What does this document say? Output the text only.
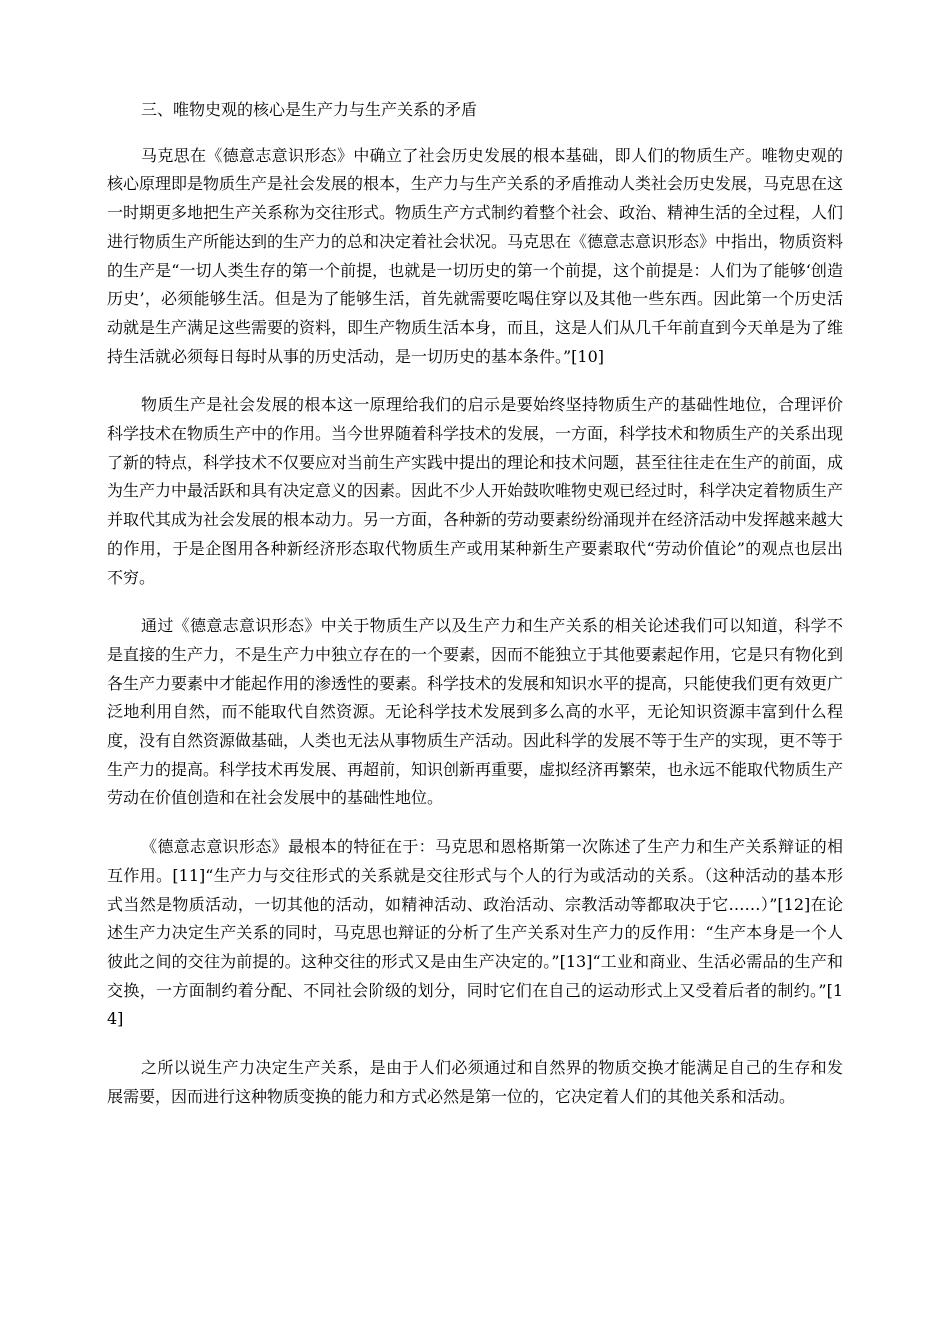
三、唯物史观的核心是生产力与生产关系的矛盾

马克思在《德意志意识形态》中确立了社会历史发展的根本基础，即人们的物质生产。唯物史观的核心原理即是物质生产是社会发展的根本，生产力与生产关系的矛盾推动人类社会历史发展，马克思在这一时期更多地把生产关系称为交往形式。物质生产方式制约着整个社会、政治、精神生活的全过程，人们进行物质生产所能达到的生产力的总和决定着社会状况。马克思在《德意志意识形态》中指出，物质资料的生产是“一切人类生存的第一个前提，也就是一切历史的第一个前提，这个前提是：人们为了能够‘创造历史’，必须能够生活。但是为了能够生活，首先就需要吃喝住穿以及其他一些东西。因此第一个历史活动就是生产满足这些需要的资料，即生产物质生活本身，而且，这是人们从几千年前直到今天单是为了维持生活就必须每日每时从事的历史活动，是一切历史的基本条件。”[10]

物质生产是社会发展的根本这一原理给我们的启示是要始终坚持物质生产的基础性地位，合理评价科学技术在物质生产中的作用。当今世界随着科学技术的发展，一方面，科学技术和物质生产的关系出现了新的特点，科学技术不仅要应对当前生产实践中提出的理论和技术问题，甚至往往走在生产的前面，成为生产力中最活跃和具有决定意义的因素。因此不少人开始鼓吹唯物史观已经过时，科学决定着物质生产并取代其成为社会发展的根本动力。另一方面，各种新的劳动要素纷纷涌现并在经济活动中发挥越来越大的作用，于是企图用各种新经济形态取代物质生产或用某种新生产要素取代“劳动价值论”的观点也层出不穷。

通过《德意志意识形态》中关于物质生产以及生产力和生产关系的相关论述我们可以知道，科学不是直接的生产力，不是生产力中独立存在的一个要素，因而不能独立于其他要素起作用，它是只有物化到各生产力要素中才能起作用的渗透性的要素。科学技术的发展和知识水平的提高，只能使我们更有效更广泛地利用自然，而不能取代自然资源。无论科学技术发展到多么高的水平，无论知识资源丰富到什么程度，没有自然资源做基础，人类也无法从事物质生产活动。因此科学的发展不等于生产的实现，更不等于生产力的提高。科学技术再发展、再超前，知识创新再重要，虚拟经济再繁荣，也永远不能取代物质生产劳动在价值创造和在社会发展中的基础性地位。

《德意志意识形态》最根本的特征在于：马克思和恩格斯第一次陈述了生产力和生产关系辩证的相互作用。[11]“生产力与交往形式的关系就是交往形式与个人的行为或活动的关系。（这种活动的基本形式当然是物质活动，一切其他的活动，如精神活动、政治活动、宗教活动等都取决于它……）”[12]在论述生产力决定生产关系的同时，马克思也辩证的分析了生产关系对生产力的反作用：“生产本身是一个人彼此之间的交往为前提的。这种交往的形式又是由生产决定的。”[13]“工业和商业、生活必需品的生产和交换，一方面制约着分配、不同社会阶级的划分，同时它们在自己的运动形式上又受着后者的制约。”[14]

之所以说生产力决定生产关系，是由于人们必须通过和自然界的物质交换才能满足自己的生存和发展需要，因而进行这种物质变换的能力和方式必然是第一位的，它决定着人们的其他关系和活动。
